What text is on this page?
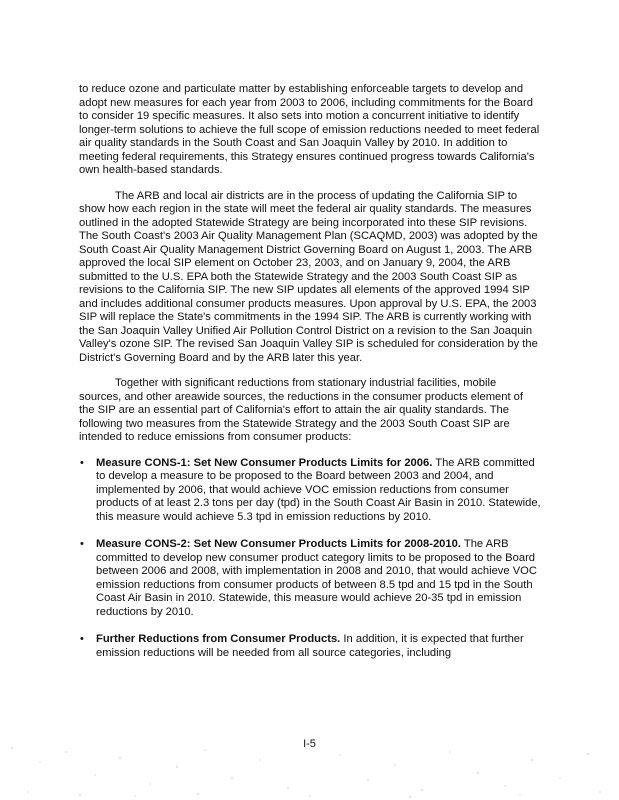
to reduce ozone and particulate matter by establishing enforceable targets to develop and adopt new measures for each year from 2003 to 2006, including commitments for the Board to consider 19 specific measures. It also sets into motion a concurrent initiative to identify longer-term solutions to achieve the full scope of emission reductions needed to meet federal air quality standards in the South Coast and San Joaquin Valley by 2010. In addition to meeting federal requirements, this Strategy ensures continued progress towards California's own health-based standards.

The ARB and local air districts are in the process of updating the California SIP to show how each region in the state will meet the federal air quality standards. The measures outlined in the adopted Statewide Strategy are being incorporated into these SIP revisions. The South Coast's 2003 Air Quality Management Plan (SCAQMD, 2003) was adopted by the South Coast Air Quality Management District Governing Board on August 1, 2003. The ARB approved the local SIP element on October 23, 2003, and on January 9, 2004, the ARB submitted to the U.S. EPA both the Statewide Strategy and the 2003 South Coast SIP as revisions to the California SIP. The new SIP updates all elements of the approved 1994 SIP and includes additional consumer products measures. Upon approval by U.S. EPA, the 2003 SIP will replace the State's commitments in the 1994 SIP. The ARB is currently working with the San Joaquin Valley Unified Air Pollution Control District on a revision to the San Joaquin Valley's ozone SIP. The revised San Joaquin Valley SIP is scheduled for consideration by the District's Governing Board and by the ARB later this year.

Together with significant reductions from stationary industrial facilities, mobile sources, and other areawide sources, the reductions in the consumer products element of the SIP are an essential part of California's effort to attain the air quality standards. The following two measures from the Statewide Strategy and the 2003 South Coast SIP are intended to reduce emissions from consumer products:

• Measure CONS-1: Set New Consumer Products Limits for 2006. The ARB committed to develop a measure to be proposed to the Board between 2003 and 2004, and implemented by 2006, that would achieve VOC emission reductions from consumer products of at least 2.3 tons per day (tpd) in the South Coast Air Basin in 2010. Statewide, this measure would achieve 5.3 tpd in emission reductions by 2010.
• Measure CONS-2: Set New Consumer Products Limits for 2008-2010. The ARB committed to develop new consumer product category limits to be proposed to the Board between 2006 and 2008, with implementation in 2008 and 2010, that would achieve VOC emission reductions from consumer products of between 8.5 tpd and 15 tpd in the South Coast Air Basin in 2010. Statewide, this measure would achieve 20-35 tpd in emission reductions by 2010.
• Further Reductions from Consumer Products. In addition, it is expected that further emission reductions will be needed from all source categories, including
I-5
